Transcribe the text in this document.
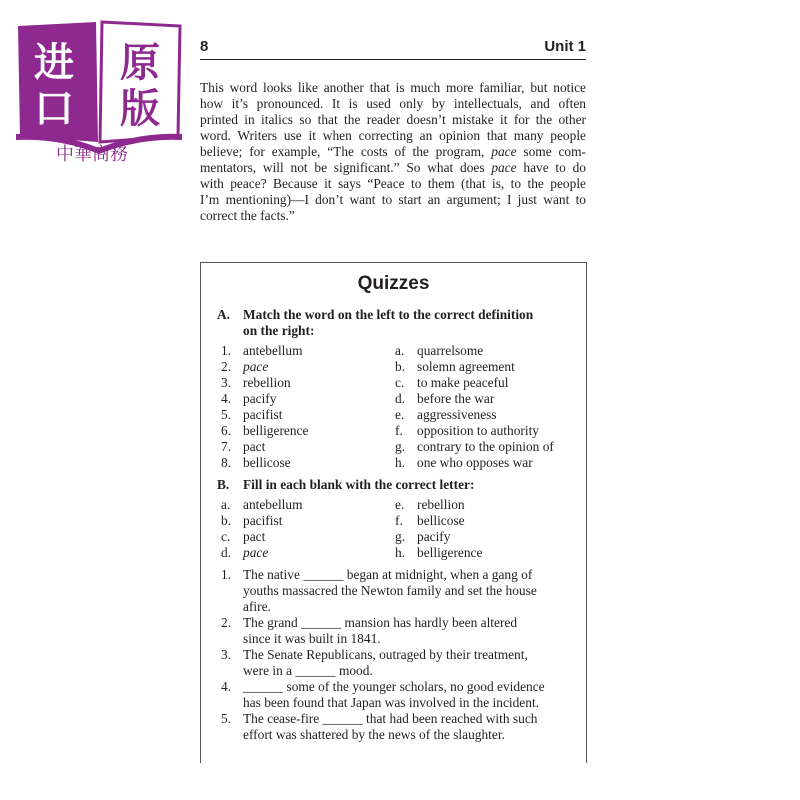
进
口
原
版
中華商務
8	Unit 1
This word looks like another that is much more familiar, but notice
how it’s pronounced. It is used only by intellectuals, and often
printed in italics so that the reader doesn’t mistake it for the other
word. Writers use it when correcting an opinion that many people
believe; for example, “The costs of the program, pace some com-
mentators, will not be significant.” So what does pace have to do
with peace? Because it says “Peace to them (that is, to the people
I’m mentioning)—I don’t want to start an argument; I just want to
correct the facts.”
Quizzes
A. Match the word on the left to the correct definition
on the right:
B. Fill in each blank with the correct letter:
1. antebellum
2. pace
3. rebellion
4. pacify
5. pacifist
6. belligerence
7. pact
8. bellicose
a. quarrelsome
b. solemn agreement
c. to make peaceful
d. before the war
e. aggressiveness
f. opposition to authority
g. contrary to the opinion of
h. one who opposes war
a. antebellum
b. pacifist
c. pact
d. pace
e. rebellion
f. bellicose
g. pacify
h. belligerence
1. The native ______ began at midnight, when a gang of
youths massacred the Newton family and set the house
afire.
2. The grand ______ mansion has hardly been altered
since it was built in 1841.
3. The Senate Republicans, outraged by their treatment,
were in a ______ mood.
4. ______ some of the younger scholars, no good evidence
has been found that Japan was involved in the incident.
5. The cease-fire ______ that had been reached with such
effort was shattered by the news of the slaughter.
